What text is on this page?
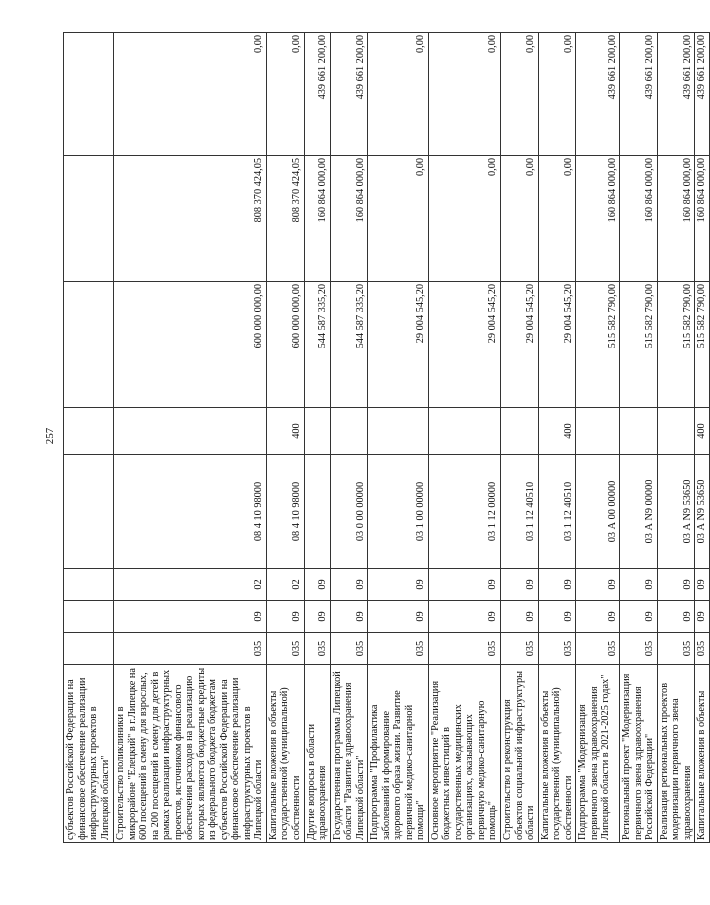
257
субъектов Российской Федерации на финансовое обеспечение реализации инфраструктурных проектов в Липецкой области"								
Строительство поликлиники в микрорайоне "Елецкий" в г.Липецке на 600 посещений в смену для взрослых, на 200 посещений в смену для детей в рамках реализации инфраструктурных проектов, источником финансового обеспечения расходов на реализацию которых являются бюджетные кредиты из федерального бюджета бюджетам субъектов Российской Федерации на финансовое обеспечение реализации инфраструктурных проектов в Липецкой области	035	09	02	08 4 10 98000		600 000 000,00	808 370 424,05	0,00
Капитальные вложения в объекты государственной (муниципальной) собственности	035	09	02	08 4 10 98000	400	600 000 000,00	808 370 424,05	0,00
Другие вопросы в области здравоохранения	035	09	09			544 587 335,20	160 864 000,00	439 661 200,00
Государственная программа Липецкой области "Развитие здравоохранения Липецкой области"	035	09	09	03 0 00 00000		544 587 335,20	160 864 000,00	439 661 200,00
Подпрограмма "Профилактика заболеваний и формирование здорового образа жизни. Развитие первичной медико-санитарной помощи"	035	09	09	03 1 00 00000		29 004 545,20	0,00	0,00
Основное мероприятие "Реализация бюджетных инвестиций в государственных медицинских организациях, оказывающих первичную медико-санитарную помощь"	035	09	09	03 1 12 00000		29 004 545,20	0,00	0,00
Строительство и реконструкция объектов социальной инфраструктуры области	035	09	09	03 1 12 40510		29 004 545,20	0,00	0,00
Капитальные вложения в объекты государственной (муниципальной) собственности	035	09	09	03 1 12 40510	400	29 004 545,20	0,00	0,00
Подпрограмма "Модернизация первичного звена здравоохранения Липецкой области в 2021-2025 годах"	035	09	09	03 А 00 00000		515 582 790,00	160 864 000,00	439 661 200,00
Региональный проект "Модернизация первичного звена здравоохранения Российской Федерации"	035	09	09	03 А N9 00000		515 582 790,00	160 864 000,00	439 661 200,00
Реализация региональных проектов модернизации первичного звена здравоохранения	035	09	09	03 А N9 53650		515 582 790,00	160 864 000,00	439 661 200,00
Капитальные вложения в объекты	035	09	09	03 А N9 53650	400	515 582 790,00	160 864 000,00	439 661 200,00
